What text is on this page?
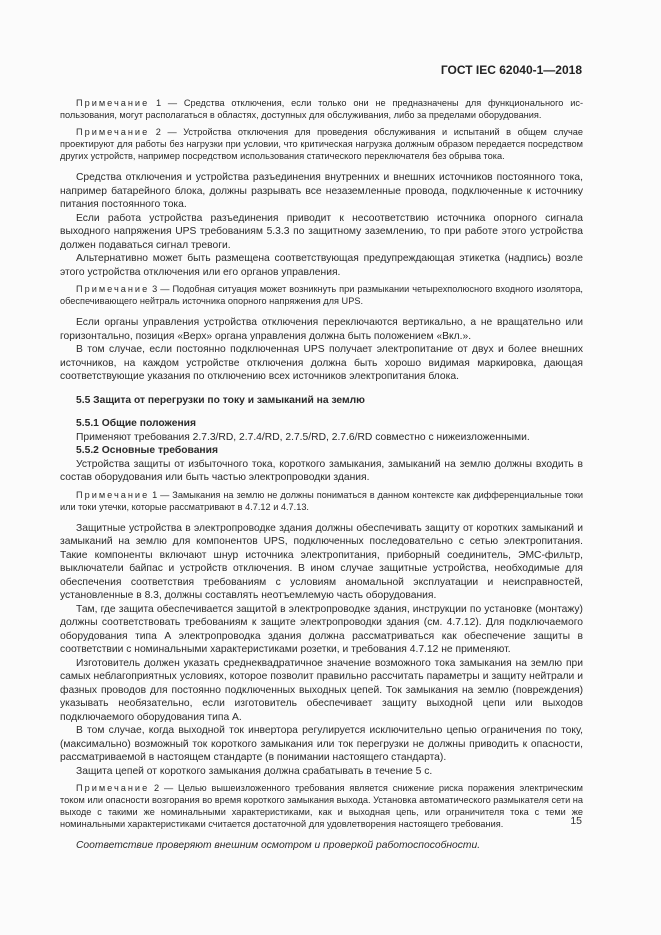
ГОСТ IEC 62040-1—2018

Примечание 1 — Средства отключения, если только они не предназначены для функционального использования, могут располагаться в областях, доступных для обслуживания, либо за пределами оборудования.

Примечание 2 — Устройства отключения для проведения обслуживания и испытаний в общем случае проектируют для работы без нагрузки при условии, что критическая нагрузка должным образом передается посредством других устройств, например посредством использования статического переключателя без обрыва тока.

Средства отключения и устройства разъединения внутренних и внешних источников постоянного тока, например батарейного блока, должны разрывать все незаземленные провода, подключенные к источнику питания постоянного тока.

Если работа устройства разъединения приводит к несоответствию источника опорного сигнала выходного напряжения UPS требованиям 5.3.3 по защитному заземлению, то при работе этого устройства должен подаваться сигнал тревоги.

Альтернативно может быть размещена соответствующая предупреждающая этикетка (надпись) возле этого устройства отключения или его органов управления.

Примечание 3 — Подобная ситуация может возникнуть при размыкании четырехполюсного входного изолятора, обеспечивающего нейтраль источника опорного напряжения для UPS.

Если органы управления устройства отключения переключаются вертикально, а не вращательно или горизонтально, позиция «Верх» органа управления должна быть положением «Вкл.».

В том случае, если постоянно подключенная UPS получает электропитание от двух и более внешних источников, на каждом устройстве отключения должна быть хорошо видимая маркировка, дающая соответствующие указания по отключению всех источников электропитания блока.

5.5 Защита от перегрузки по току и замыканий на землю
5.5.1 Общие положения

Применяют требования 2.7.3/RD, 2.7.4/RD, 2.7.5/RD, 2.7.6/RD совместно с нижеизложенными.

5.5.2 Основные требования

Устройства защиты от избыточного тока, короткого замыкания, замыканий на землю должны входить в состав оборудования или быть частью электропроводки здания.

Примечание 1 — Замыкания на землю не должны пониматься в данном контексте как дифференциальные токи или токи утечки, которые рассматривают в 4.7.12 и 4.7.13.

Защитные устройства в электропроводке здания должны обеспечивать защиту от коротких замыканий и замыканий на землю для компонентов UPS, подключенных последовательно с сетью электропитания. Такие компоненты включают шнур источника электропитания, приборный соединитель, ЭМС-фильтр, выключатели байпас и устройств отключения. В ином случае защитные устройства, необходимые для обеспечения соответствия требованиям с условиям аномальной эксплуатации и неисправностей, установленные в 8.3, должны составлять неотъемлемую часть оборудования.

Там, где защита обеспечивается защитой в электропроводке здания, инструкции по установке (монтажу) должны соответствовать требованиям к защите электропроводки здания (см. 4.7.12). Для подключаемого оборудования типа А электропроводка здания должна рассматриваться как обеспечение защиты в соответствии с номинальными характеристиками розетки, и требования 4.7.12 не применяют.

Изготовитель должен указать среднеквадратичное значение возможного тока замыкания на землю при самых неблагоприятных условиях, которое позволит правильно рассчитать параметры и защиту нейтрали и фазных проводов для постоянно подключенных выходных цепей. Ток замыкания на землю (повреждения) указывать необязательно, если изготовитель обеспечивает защиту выходной цепи или выходов подключаемого оборудования типа А.

В том случае, когда выходной ток инвертора регулируется исключительно цепью ограничения по току, (максимально) возможный ток короткого замыкания или ток перегрузки не должны приводить к опасности, рассматриваемой в настоящем стандарте (в понимании настоящего стандарта).

Защита цепей от короткого замыкания должна срабатывать в течение 5 с.

Примечание 2 — Целью вышеизложенного требования является снижение риска поражения электрическим током или опасности возгорания во время короткого замыкания выхода. Установка автоматического размыкателя сети на выходе с такими же номинальными характеристиками, как и выходная цепь, или ограничителя тока с теми же номинальными характеристиками считается достаточной для удовлетворения настоящего требования.

Соответствие проверяют внешним осмотром и проверкой работоспособности.

15
